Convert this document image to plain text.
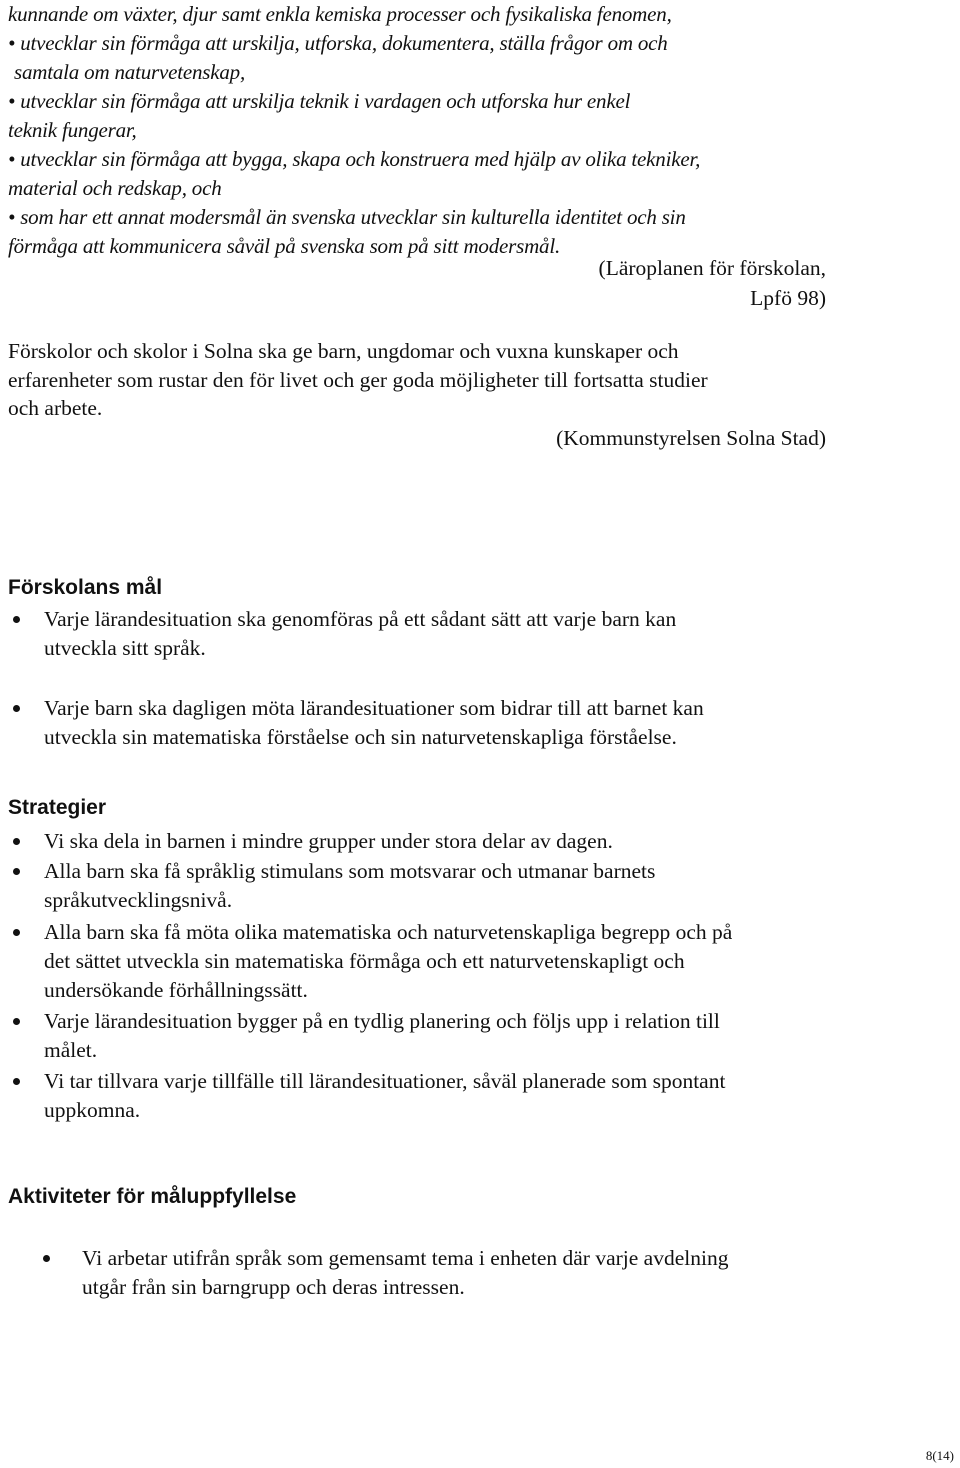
kunnande om växter, djur samt enkla kemiska processer och fysikaliska fenomen,
• utvecklar sin förmåga att urskilja, utforska, dokumentera, ställa frågor om och
samtala om naturvetenskap,
• utvecklar sin förmåga att urskilja teknik i vardagen och utforska hur enkel
teknik fungerar,
• utvecklar sin förmåga att bygga, skapa och konstruera med hjälp av olika tekniker,
material och redskap, och
• som har ett annat modersmål än svenska utvecklar sin kulturella identitet och sin
förmåga att kommunicera såväl på svenska som på sitt modersmål.
(Läroplanen för förskolan,
Lpfö 98)
Förskolor och skolor i Solna ska ge barn, ungdomar och vuxna kunskaper och
erfarenheter som rustar den för livet och ger goda möjligheter till fortsatta studier
och arbete.
(Kommunstyrelsen Solna Stad)
Förskolans mål
Varje lärandesituation ska genomföras på ett sådant sätt att varje barn kan
utveckla sitt språk.
Varje barn ska dagligen möta lärandesituationer som bidrar till att barnet kan
utveckla sin matematiska förståelse och sin naturvetenskapliga förståelse.
Strategier
Vi ska dela in barnen i mindre grupper under stora delar av dagen.
Alla barn ska få språklig stimulans som motsvarar och utmanar barnets
språkutvecklingsnivå.
Alla barn ska få möta olika matematiska och naturvetenskapliga begrepp och på
det sättet utveckla sin matematiska förmåga och ett naturvetenskapligt och
undersökande förhållningssätt.
Varje lärandesituation bygger på en tydlig planering och följs upp i relation till
målet.
Vi tar tillvara varje tillfälle till lärandesituationer, såväl planerade som spontant
uppkomna.
Aktiviteter för måluppfyllelse
Vi arbetar utifrån språk som gemensamt tema i enheten där varje avdelning
utgår från sin barngrupp och deras intressen.
8(14)
